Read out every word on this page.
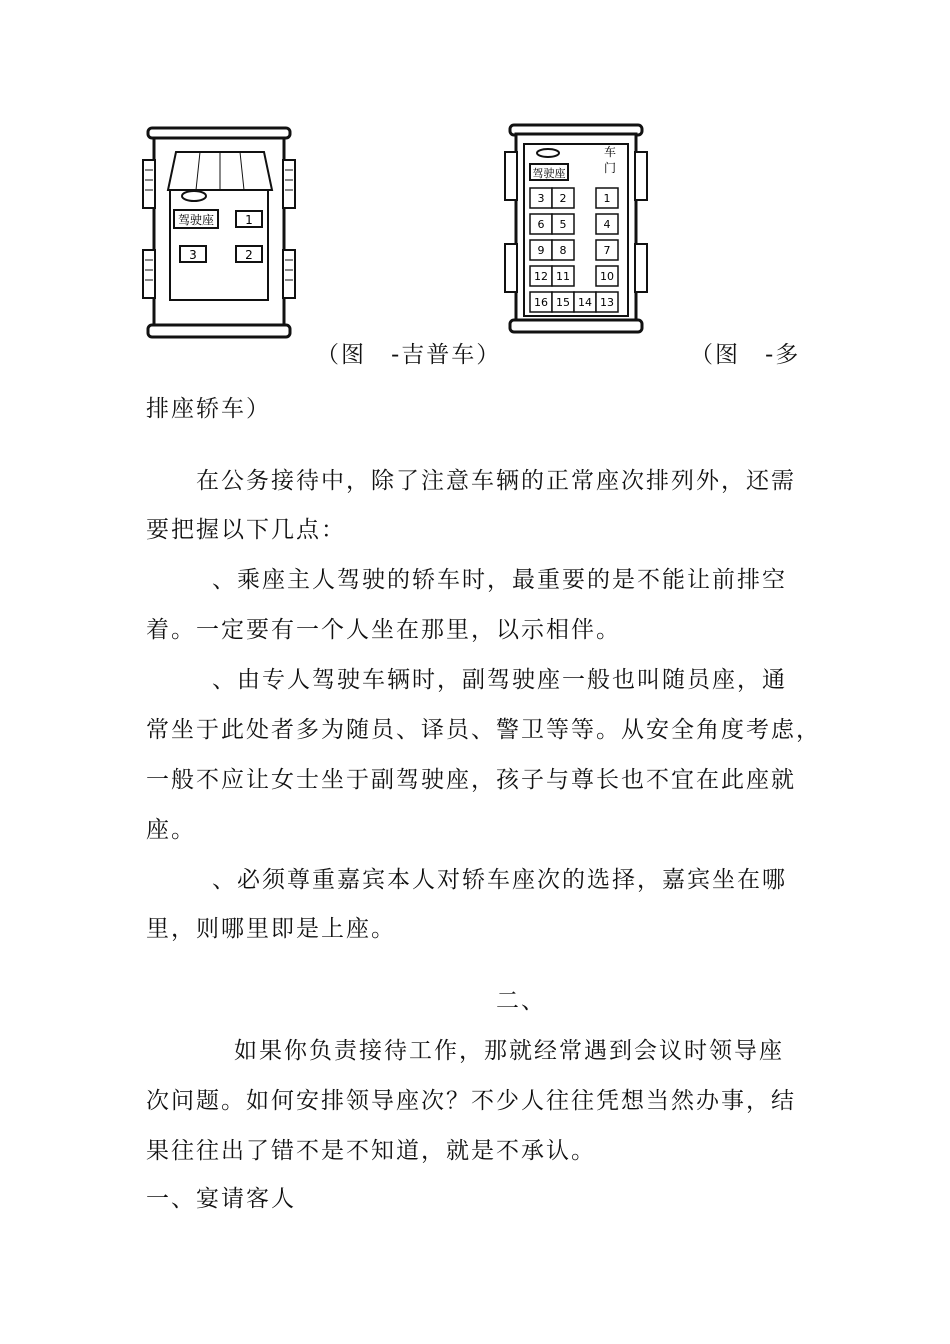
驾驶座	1
2
3
车
门
驾驶座
1
2
3
4
5
6
7
8
9
10
11
12
13
14
15
16
（图　-吉普车）	（图　-多
排座轿车）
在公务接待中，除了注意车辆的正常座次排列外，还需
要把握以下几点：
、乘座主人驾驶的轿车时，最重要的是不能让前排空
着。一定要有一个人坐在那里，以示相伴。
、由专人驾驶车辆时，副驾驶座一般也叫随员座，通
常坐于此处者多为随员、译员、警卫等等。从安全角度考虑，
一般不应让女士坐于副驾驶座，孩子与尊长也不宜在此座就
座。
、必须尊重嘉宾本人对轿车座次的选择，嘉宾坐在哪
里，则哪里即是上座。
二、
如果你负责接待工作，那就经常遇到会议时领导座
次问题。如何安排领导座次？不少人往往凭想当然办事，结
果往往出了错不是不知道，就是不承认。
一、宴请客人
